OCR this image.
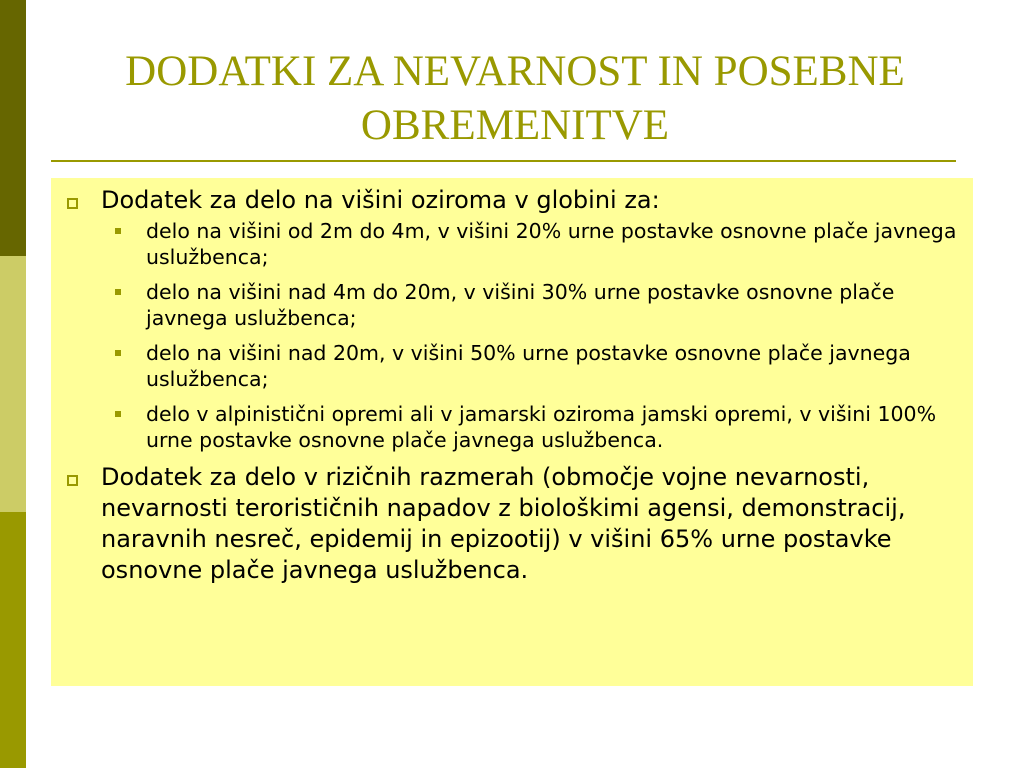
DODATKI ZA NEVARNOST IN POSEBNE
OBREMENITVE
Dodatek za delo na višini oziroma v globini za:
delo na višini od 2m do 4m, v višini 20% urne postavke osnovne plače javnega uslužbenca;
delo na višini nad 4m do 20m, v višini 30% urne postavke osnovne plače javnega uslužbenca;
delo na višini nad 20m, v višini 50% urne postavke osnovne plače javnega uslužbenca;
delo v alpinistični opremi ali v jamarski oziroma jamski opremi, v višini 100% urne postavke osnovne plače javnega uslužbenca.
Dodatek za delo v rizičnih razmerah (območje vojne nevarnosti, nevarnosti terorističnih napadov z biološkimi agensi, demonstracij, naravnih nesreč, epidemij in epizootij) v višini 65% urne postavke osnovne plače javnega uslužbenca.
